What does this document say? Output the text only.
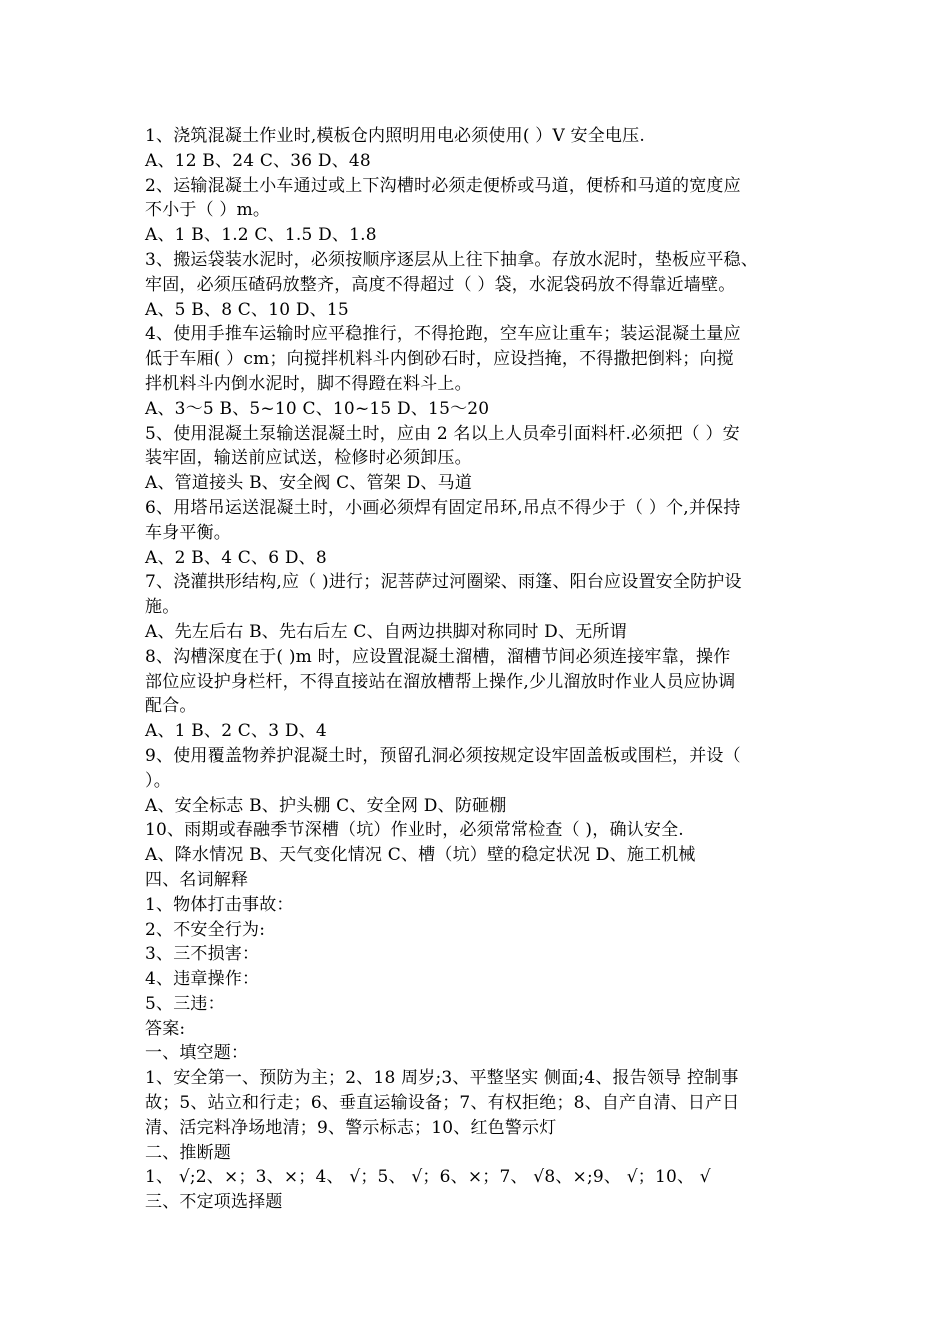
1、浇筑混凝土作业时,模板仓内照明用电必须使用( ）V 安全电压.
A、12 B、24 C、36 D、48
2、运输混凝土小车通过或上下沟槽时必须走便桥或马道，便桥和马道的宽度应
不小于（ ）m。
A、1 B、1.2 C、1.5 D、1.8
3、搬运袋装水泥时，必须按顺序逐层从上往下抽拿。存放水泥时，垫板应平稳、
牢固，必须压碴码放整齐，高度不得超过（ ）袋，水泥袋码放不得靠近墙壁。
A、5 B、8 C、10 D、15
4、使用手推车运输时应平稳推行，不得抢跑，空车应让重车；装运混凝土量应
低于车厢( ）cm；向搅拌机料斗内倒砂石时，应设挡掩，不得撒把倒料；向搅
拌机料斗内倒水泥时，脚不得蹬在料斗上。
A、3～5 B、5~10 C、10~15 D、15～20
5、使用混凝土泵输送混凝土时，应由 2 名以上人员牵引面料杆.必须把（ ）安
装牢固，输送前应试送，检修时必须卸压。
A、管道接头 B、安全阀 C、管架 D、马道
6、用塔吊运送混凝土时，小画必须焊有固定吊环,吊点不得少于（ ）个,并保持
车身平衡。
A、2 B、4 C、6 D、8
7、浇灌拱形结构,应（ )进行；泥菩萨过河圈梁、雨篷、阳台应设置安全防护设
施。
A、先左后右 B、先右后左 C、自两边拱脚对称同时 D、无所谓
8、沟槽深度在于( )m 时，应设置混凝土溜槽，溜槽节间必须连接牢靠，操作
部位应设护身栏杆，不得直接站在溜放槽帮上操作,少儿溜放时作业人员应协调
配合。
A、1 B、2 C、3 D、4
9、使用覆盖物养护混凝土时，预留孔洞必须按规定设牢固盖板或围栏，并设（
）。
A、安全标志 B、护头棚 C、安全网 D、防砸棚
10、雨期或春融季节深槽（坑）作业时，必须常常检查（ )，确认安全.
A、降水情况 B、天气变化情况 C、槽（坑）壁的稳定状况 D、施工机械
四、名词解释
1、物体打击事故：
2、不安全行为:
3、三不损害：
4、违章操作：
5、三违：
答案:
一、填空题：
1、安全第一、预防为主；2、18 周岁;3、平整坚实 侧面;4、报告领导 控制事
故；5、站立和行走；6、垂直运输设备；7、有权拒绝；8、自产自清、日产日
清、活完料净场地清；9、警示标志；10、红色警示灯
二、推断题
1、 √;2、×；3、×；4、 √；5、 √；6、×；7、 √8、×;9、 √；10、 √
三、不定项选择题
